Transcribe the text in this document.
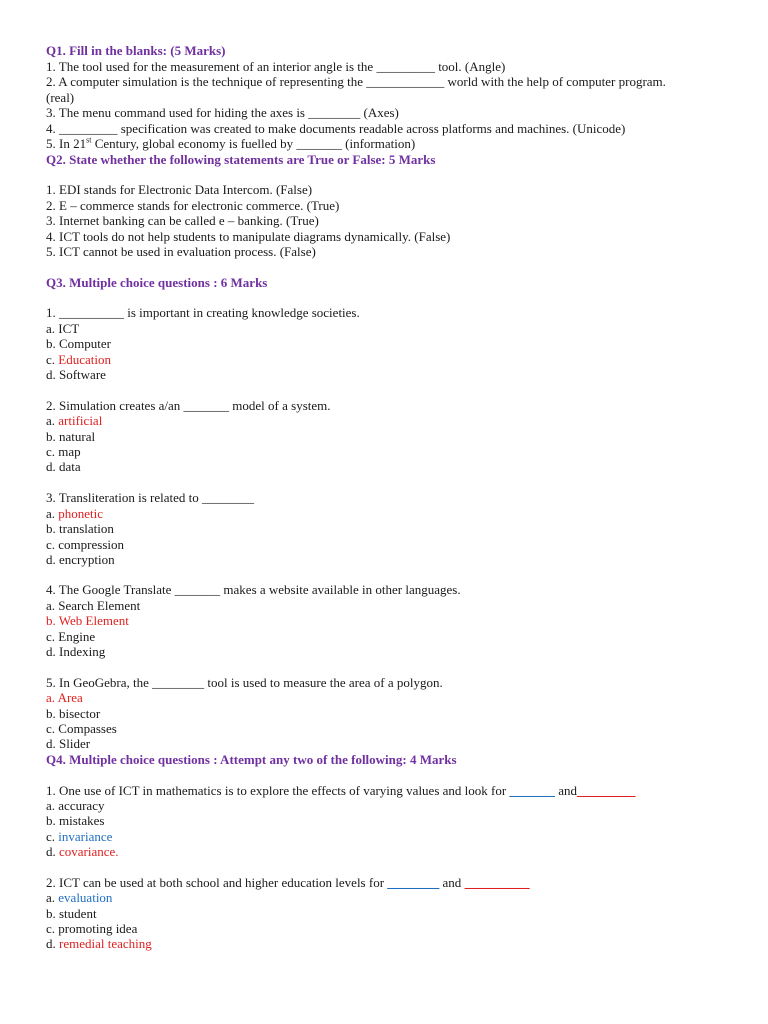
Q1. Fill in the blanks: (5 Marks)
1. The tool used for the measurement of an interior angle is the _________ tool. (Angle)
2. A computer simulation is the technique of representing the ____________ world with the help of computer program.
(real)
3. The menu command used for hiding the axes is ________ (Axes)
4. _________ specification was created to make documents readable across platforms and machines. (Unicode)
5. In 21st Century, global economy is fuelled by _______ (information)
Q2. State whether the following statements are True or False: 5 Marks
1. EDI stands for Electronic Data Intercom. (False)
2. E – commerce stands for electronic commerce. (True)
3. Internet banking can be called e – banking. (True)
4. ICT tools do not help students to manipulate diagrams dynamically. (False)
5. ICT cannot be used in evaluation process. (False)
Q3. Multiple choice questions : 6 Marks
1. __________ is important in creating knowledge societies.
a. ICT
b. Computer
c. Education
d. Software
2. Simulation creates a/an _______ model of a system.
a. artificial
b. natural
c. map
d. data
3. Transliteration is related to ________
a. phonetic
b. translation
c. compression
d. encryption
4. The Google Translate _______ makes a website available in other languages.
a. Search Element
b. Web Element
c. Engine
d. Indexing
5. In GeoGebra, the ________ tool is used to measure the area of a polygon.
a. Area
b. bisector
c. Compasses
d. Slider
Q4. Multiple choice questions : Attempt any two of the following: 4 Marks
1. One use of ICT in mathematics is to explore the effects of varying values and look for _______ and_________
a. accuracy
b. mistakes
c. invariance
d. covariance.
2. ICT can be used at both school and higher education levels for ________ and __________
a. evaluation
b. student
c. promoting idea
d. remedial teaching
